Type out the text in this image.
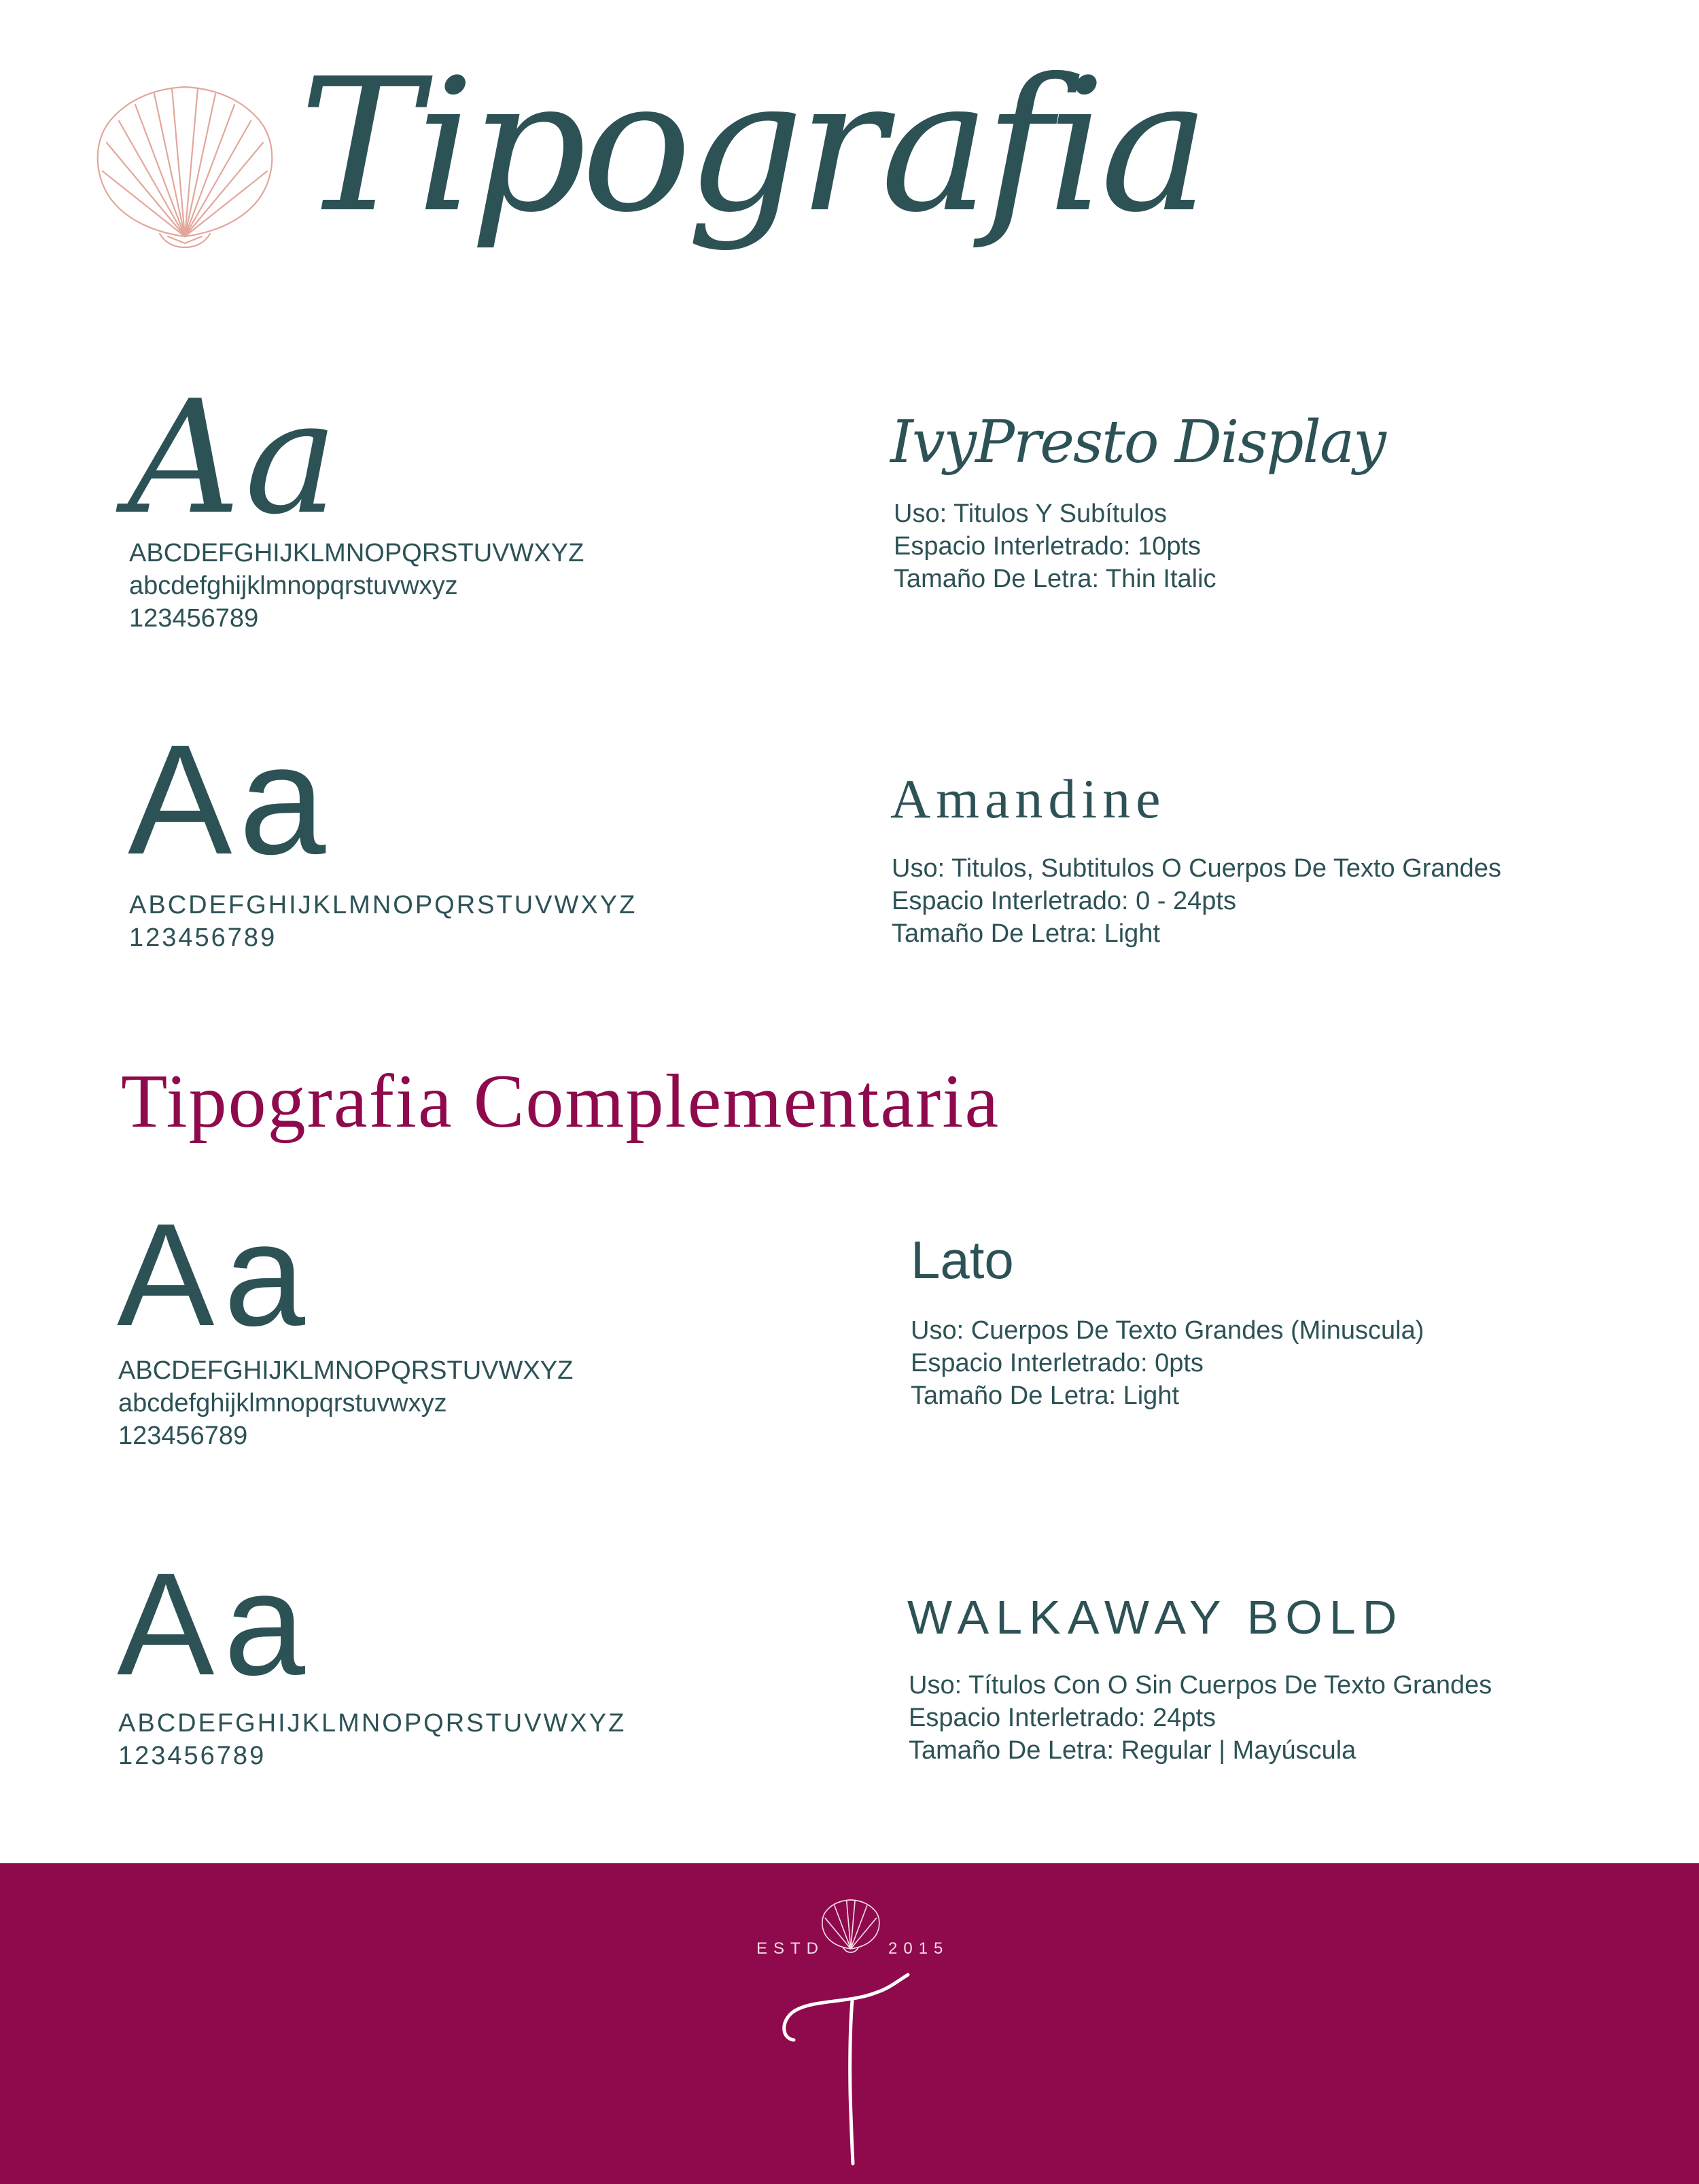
Tipografia

Aa

ABCDEFGHIJKLMNOPQRSTUVWXYZ

abcdefghijklmnopqrstuvwxyz

123456789

IvyPresto Display

Uso: Titulos Y Subítulos

Espacio Interletrado: 10pts

Tamaño De Letra: Thin Italic

Aa

ABCDEFGHIJKLMNOPQRSTUVWXYZ

123456789

Amandine

Uso: Titulos, Subtitulos O Cuerpos De Texto Grandes

Espacio Interletrado: 0 - 24pts

Tamaño De Letra: Light

Tipografia Complementaria

Aa

ABCDEFGHIJKLMNOPQRSTUVWXYZ

abcdefghijklmnopqrstuvwxyz

123456789

Lato

Uso: Cuerpos De Texto Grandes (Minuscula)

Espacio Interletrado: 0pts

Tamaño De Letra: Light

Aa

ABCDEFGHIJKLMNOPQRSTUVWXYZ

123456789

WALKAWAY BOLD

Uso: Títulos Con O Sin Cuerpos De Texto Grandes

Espacio Interletrado: 24pts

Tamaño De Letra: Regular | Mayúscula

ESTD	2015
